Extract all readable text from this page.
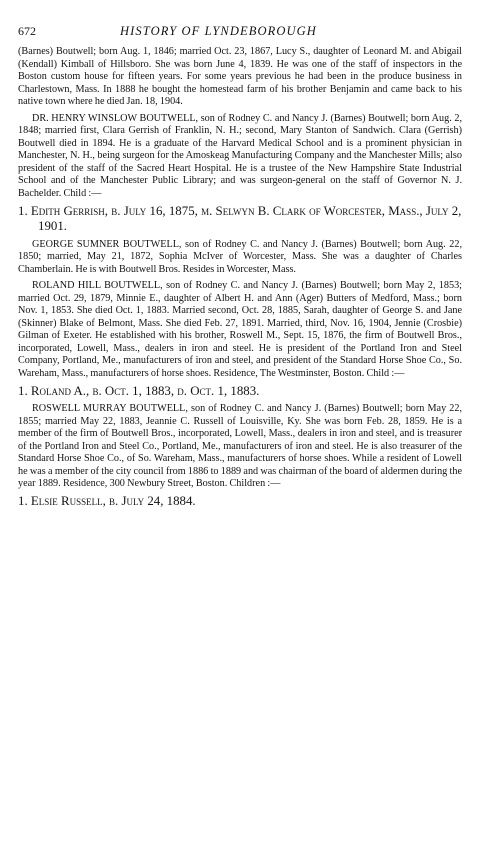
672	HISTORY OF LYNDEBOROUGH

(Barnes) Boutwell; born Aug. 1, 1846; married Oct. 23, 1867, Lucy S., daughter of Leonard M. and Abigail (Kendall) Kimball of Hillsboro. She was born June 4, 1839. He was one of the staff of inspectors in the Boston custom house for fifteen years. For some years previous he had been in the produce business in Charlestown, Mass. In 1888 he bought the homestead farm of his brother Benjamin and came back to his native town where he died Jan. 18, 1904.

DR. HENRY WINSLOW BOUTWELL, son of Rodney C. and Nancy J. (Barnes) Boutwell; born Aug. 2, 1848; married first, Clara Gerrish of Franklin, N. H.; second, Mary Stanton of Sandwich. Clara (Gerrish) Boutwell died in 1894. He is a graduate of the Harvard Medical School and is a prominent physician in Manchester, N. H., being surgeon for the Amoskeag Manufacturing Company and the Manchester Mills; also president of the staff of the Sacred Heart Hospital. He is a trustee of the New Hampshire State Industrial School and of the Manchester Public Library; and was surgeon-general on the staff of Governor N. J. Bachelder. Child :—

1. Edith Gerrish, b. July 16, 1875, m. Selwyn B. Clark of Worcester, Mass., July 2, 1901.

GEORGE SUMNER BOUTWELL, son of Rodney C. and Nancy J. (Barnes) Boutwell; born Aug. 22, 1850; married, May 21, 1872, Sophia McIver of Worcester, Mass. She was a daughter of Charles Chamberlain. He is with Boutwell Bros. Resides in Worcester, Mass.

ROLAND HILL BOUTWELL, son of Rodney C. and Nancy J. (Barnes) Boutwell; born May 2, 1853; married Oct. 29, 1879, Minnie E., daughter of Albert H. and Ann (Ager) Butters of Medford, Mass.; born Nov. 1, 1853. She died Oct. 1, 1883. Married second, Oct. 28, 1885, Sarah, daughter of George S. and Jane (Skinner) Blake of Belmont, Mass. She died Feb. 27, 1891. Married, third, Nov. 16, 1904, Jennie (Crosbie) Gilman of Exeter. He established with his brother, Roswell M., Sept. 15, 1876, the firm of Boutwell Bros., incorporated, Lowell, Mass., dealers in iron and steel. He is president of the Portland Iron and Steel Company, Portland, Me., manufacturers of iron and steel, and president of the Standard Horse Shoe Co., So. Wareham, Mass., manufacturers of horse shoes. Residence, The Westminster, Boston. Child :—

1. Roland A., b. Oct. 1, 1883, d. Oct. 1, 1883.

ROSWELL MURRAY BOUTWELL, son of Rodney C. and Nancy J. (Barnes) Boutwell; born May 22, 1855; married May 22, 1883, Jeannie C. Russell of Louisville, Ky. She was born Feb. 28, 1859. He is a member of the firm of Boutwell Bros., incorporated, Lowell, Mass., dealers in iron and steel, and is treasurer of the Portland Iron and Steel Co., Portland, Me., manufacturers of iron and steel. He is also treasurer of the Standard Horse Shoe Co., of So. Wareham, Mass., manufacturers of horse shoes. While a resident of Lowell he was a member of the city council from 1886 to 1889 and was chairman of the board of aldermen during the year 1889. Residence, 300 Newbury Street, Boston. Children :—

1. Elsie Russell, b. July 24, 1884.
